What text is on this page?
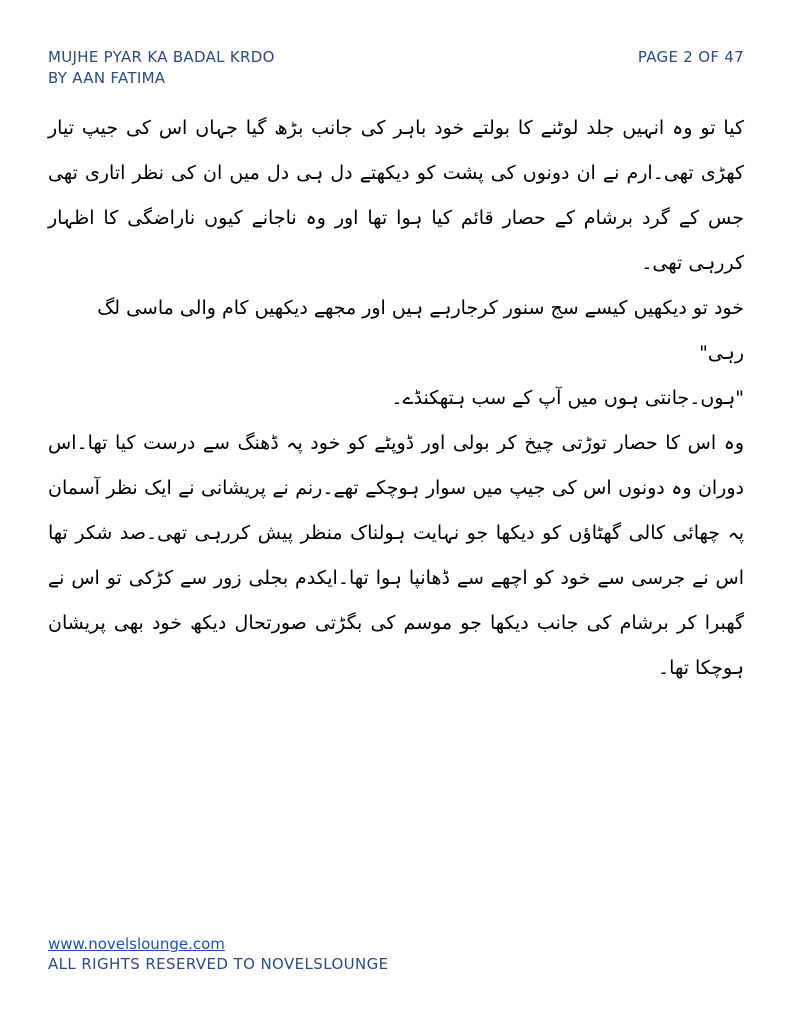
MUJHE PYAR KA BADAL KRDO
BY AAN FATIMA
PAGE 2 OF 47

کیا تو وہ انہیں جلد لوٹنے کا بولتے خود باہر کی جانب بڑھ گیا جہاں اس کی جیپ تیار کھڑی تھی۔ارم نے ان دونوں کی پشت کو دیکھتے دل ہی دل میں ان کی نظر اتاری تھی جس کے گرد برشام کے حصار قائم کیا ہوا تھا اور وہ ناجانے کیوں ناراضگی کا اظہار کررہی تھی۔

خود تو دیکھیں کیسے سج سنور کرجارہے ہیں اور مجھے دیکھیں کام والی ماسی لگ رہی"

"ہوں۔جانتی ہوں میں آپ کے سب ہتھکنڈے۔

وہ اس کا حصار توڑتی چیخ کر بولی اور ڈوپٹے کو خود پہ ڈھنگ سے درست کیا تھا۔اس دوران وہ دونوں اس کی جیپ میں سوار ہوچکے تھے۔رنم نے پریشانی نے ایک نظر آسمان پہ چھائی کالی گھٹاؤں کو دیکھا جو نہایت ہولناک منظر پیش کررہی تھی۔صد شکر تھا اس نے جرسی سے خود کو اچھے سے ڈھانپا ہوا تھا۔ایکدم بجلی زور سے کڑکی تو اس نے گھبرا کر برشام کی جانب دیکھا جو موسم کی بگڑتی صورتحال دیکھ خود بھی پریشان ہوچکا تھا۔

www.novelslounge.com
ALL RIGHTS RESERVED TO NOVELSLOUNGE
